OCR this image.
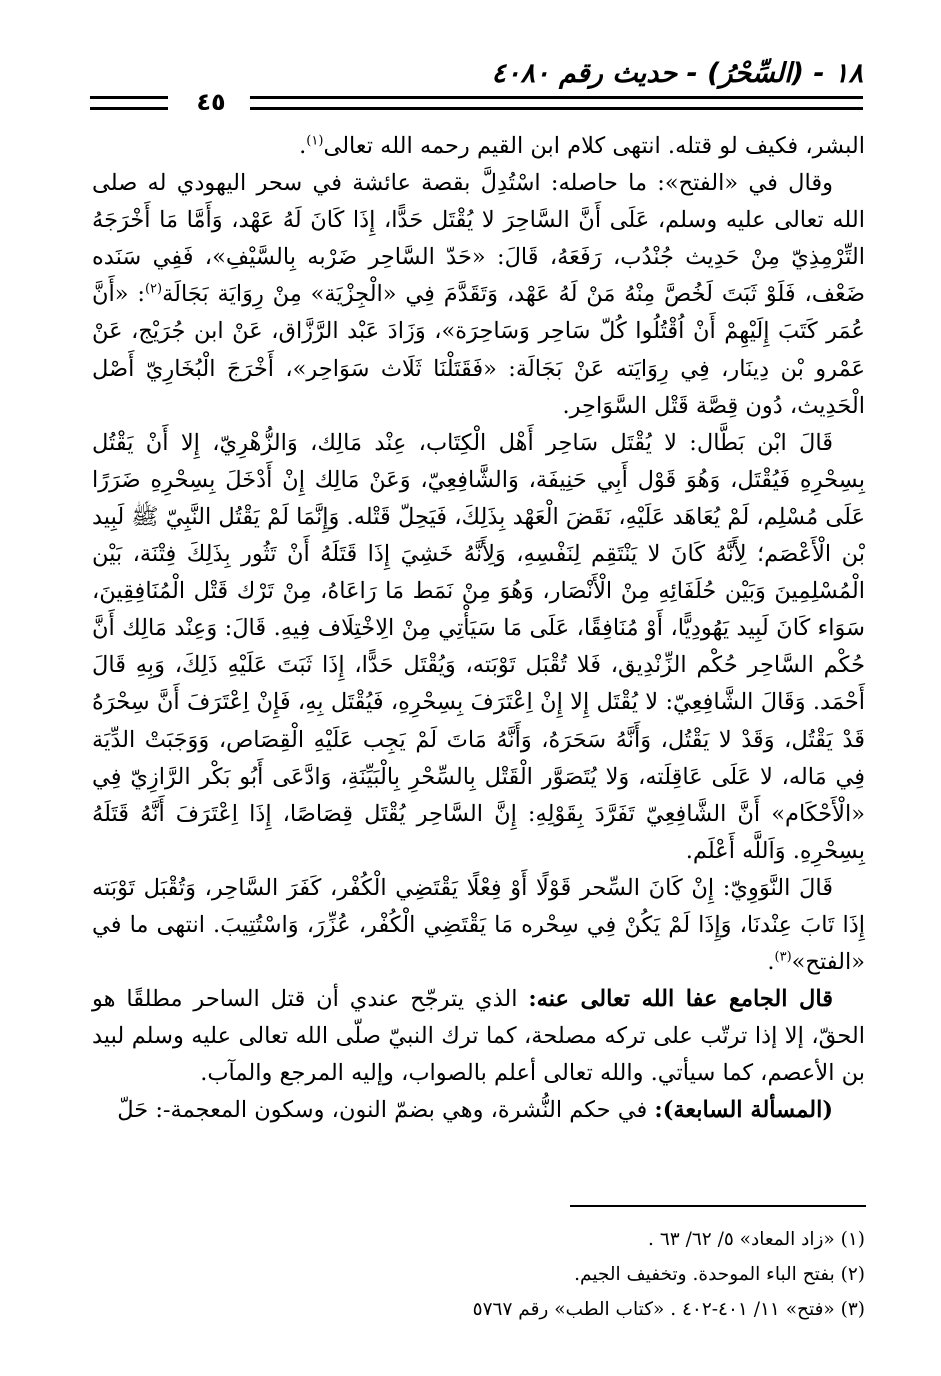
١٨ - (السِّحْرُ) - حديث رقم ٤٠٨٠
٤٥

البشر، فكيف لو قتله. انتهى كلام ابن القيم رحمه الله تعالى$^{(١)}$.

وقال في «الفتح»: ما حاصله: اسْتُدِلَّ بقصة عائشة في سحر اليهودي له صلى الله تعالى عليه وسلم، عَلَى أَنَّ السَّاحِرَ لا يُقْتَل حَدًّا، إِذَا كَانَ لَهُ عَهْد، وَأَمَّا مَا أَخْرَجَهُ التِّرْمِذِيّ مِنْ حَدِيث جُنْدُب، رَفَعَهُ، قَالَ: «حَدّ السَّاحِر ضَرْبه بِالسَّيْفِ»، فَفِي سَنَده ضَعْف، فَلَوْ ثَبَتَ لَخُصَّ مِنْهُ مَنْ لَهُ عَهْد، وَتَقَدَّمَ فِي «الْجِزْيَة» مِنْ رِوَايَة بَجَالَة$^{(٢)}$: «أَنَّ عُمَر كَتَبَ إِلَيْهِمْ أَنْ اُقْتُلُوا كُلّ سَاحِر وَسَاحِرَة»، وَزَادَ عَبْد الرَّزَّاق، عَنْ ابن جُرَيْج، عَنْ عَمْرو بْن دِينَار، فِي رِوَايَته عَنْ بَجَالَة: «فَقَتَلْنَا ثَلَاث سَوَاحِر»، أَخْرَجَ الْبُخَارِيّ أَصْل الْحَدِيث، دُون قِصَّة قَتْل السَّوَاحِر.

قَالَ ابْن بَطَّال: لا يُقْتَل سَاحِر أَهْل الْكِتَاب، عِنْد مَالِك، وَالزُّهْرِيّ، إِلا أَنْ يَقْتُل بِسِحْرِهِ فَيُقْتَل، وَهُوَ قَوْل أَبِي حَنِيفَة، وَالشَّافِعِيّ، وَعَنْ مَالِك إِنْ أَدْخَلَ بِسِحْرِهِ ضَرَرًا عَلَى مُسْلِم، لَمْ يُعَاهَد عَلَيْهِ، نَقَضَ الْعَهْد بِذَلِكَ، فَيَحِلّ قَتْله. وَإِنَّمَا لَمْ يَقْتُل النَّبِيّ ﷺ لَبِيد بْن الْأَعْصَم؛ لِأَنَّهُ كَانَ لا يَنْتَقِم لِنَفْسِهِ، وَلِأَنَّهُ خَشِيَ إِذَا قَتَلَهُ أَنْ تَثُور بِذَلِكَ فِتْنَة، بَيْن الْمُسْلِمِينَ وَبَيْن حُلَفَائِهِ مِنْ الْأَنْصَار، وَهُوَ مِنْ نَمَط مَا رَاعَاهُ، مِنْ تَرْك قَتْل الْمُنَافِقِينَ، سَوَاء كَانَ لَبِيد يَهُودِيًّا، أَوْ مُنَافِقًا، عَلَى مَا سَيَأْتِي مِنْ الِاخْتِلَاف فِيهِ. قَالَ: وَعِنْد مَالِك أَنَّ حُكْم السَّاحِر حُكْم الزِّنْدِيق، فَلا تُقْبَل تَوْبَته، وَيُقْتَل حَدًّا، إِذَا ثَبَتَ عَلَيْهِ ذَلِكَ، وَبِهِ قَالَ أَحْمَد. وَقَالَ الشَّافِعِيّ: لا يُقْتَل إِلا إِنْ اِعْتَرَفَ بِسِحْرِهِ، فَيُقْتَل بِهِ، فَإِنْ اِعْتَرَفَ أَنَّ سِحْرَهُ قَدْ يَقْتُل، وَقَدْ لا يَقْتُل، وَأَنَّهُ سَحَرَهُ، وَأَنَّهُ مَاتَ لَمْ يَجِب عَلَيْهِ الْقِصَاص، وَوَجَبَتْ الدِّيَة فِي مَاله، لا عَلَى عَاقِلَته، وَلا يُتَصَوَّر الْقَتْل بِالسِّحْرِ بِالْبَيِّنَةِ، وَادَّعَى أَبُو بَكْر الرَّازِيّ فِي «الْأَحْكَام» أَنَّ الشَّافِعِيّ تَفَرَّدَ بِقَوْلِهِ: إِنَّ السَّاحِر يُقْتَل قِصَاصًا، إِذَا اِعْتَرَفَ أَنَّهُ قَتَلَهُ بِسِحْرِهِ. وَاَللَّه أَعْلَم.

قَالَ النَّوَوِيّ: إِنْ كَانَ السِّحر قَوْلًا أَوْ فِعْلًا يَقْتَضِي الْكُفْر، كَفَرَ السَّاحِر، وَتُقْبَل تَوْبَته إِذَا تَابَ عِنْدنَا، وَإِذَا لَمْ يَكُنْ فِي سِحْره مَا يَقْتَضِي الْكُفْر، عُزِّرَ، وَاسْتُتِيبَ. انتهى ما في «الفتح»$^{(٣)}$.

قال الجامع عفا الله تعالى عنه: الذي يترجّح عندي أن قتل الساحر مطلقًا هو الحقّ، إلا إذا ترتّب على تركه مصلحة، كما ترك النبيّ صلّى الله تعالى عليه وسلم لبيد بن الأعصم، كما سيأتي. والله تعالى أعلم بالصواب، وإليه المرجع والمآب.

(المسألة السابعة): في حكم النُّشرة، وهي بضمّ النون، وسكون المعجمة-: حَلّ

(١) «زاد المعاد» ٥/ ٦٢/ ٦٣ .

(٢) بفتح الباء الموحدة. وتخفيف الجيم.

(٣) «فتح» ١١/ ٤٠١-٤٠٢ . «كتاب الطب» رقم ٥٧٦٧
